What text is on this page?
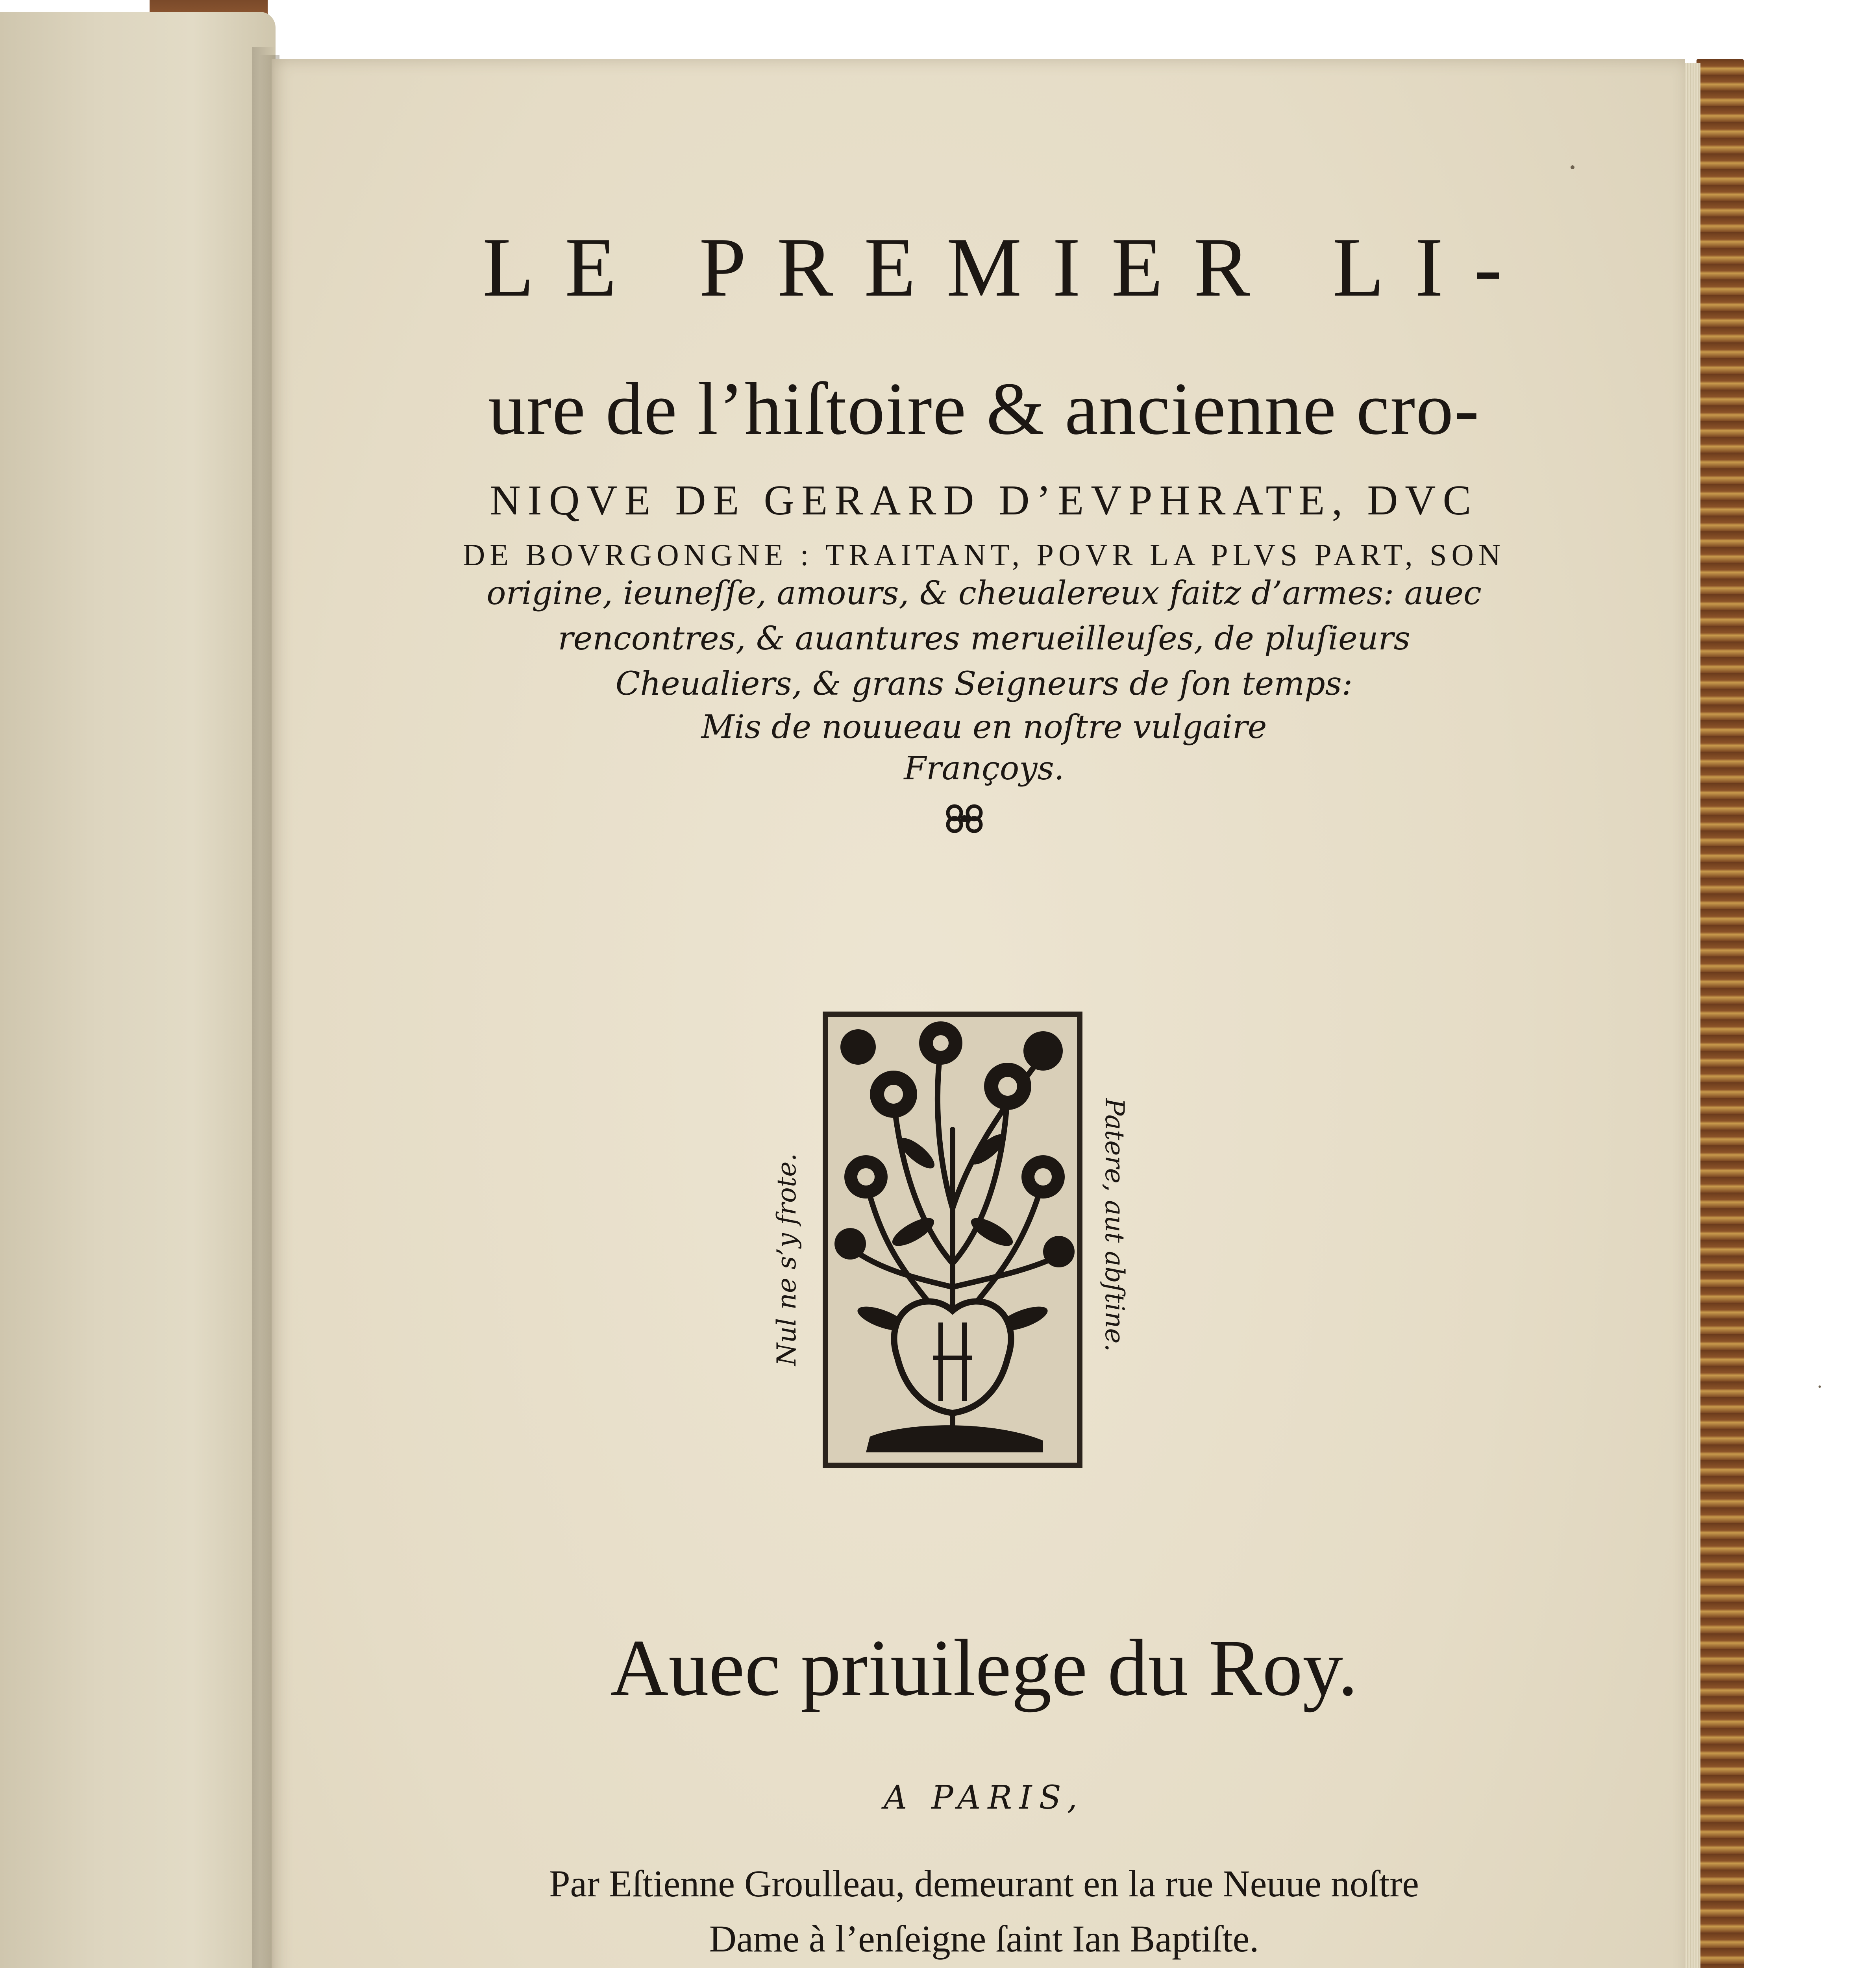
LE PREMIER LI-
ure de l’hiſtoire & ancienne cro-
NIQVE DE GERARD D’EVPHRATE, DVC
DE BOVRGONGNE : TRAITANT, POVR LA PLVS PART, SON
origine, ieuneſſe, amours, & cheualereux faitz d’armes: auec
rencontres, & auantures merueilleuſes, de pluſieurs
Cheualiers, & grans Seigneurs de ſon temps:
Mis de nouueau en noſtre vulgaire
Françoys.
Nul ne s’y frote.	Patere, aut abſtine.
Auec priuilege du Roy.
A PARIS,
Par Eſtienne Groulleau, demeurant en la rue Neuue noſtre
Dame à l’enſeigne ſaint Ian Baptiſte.
